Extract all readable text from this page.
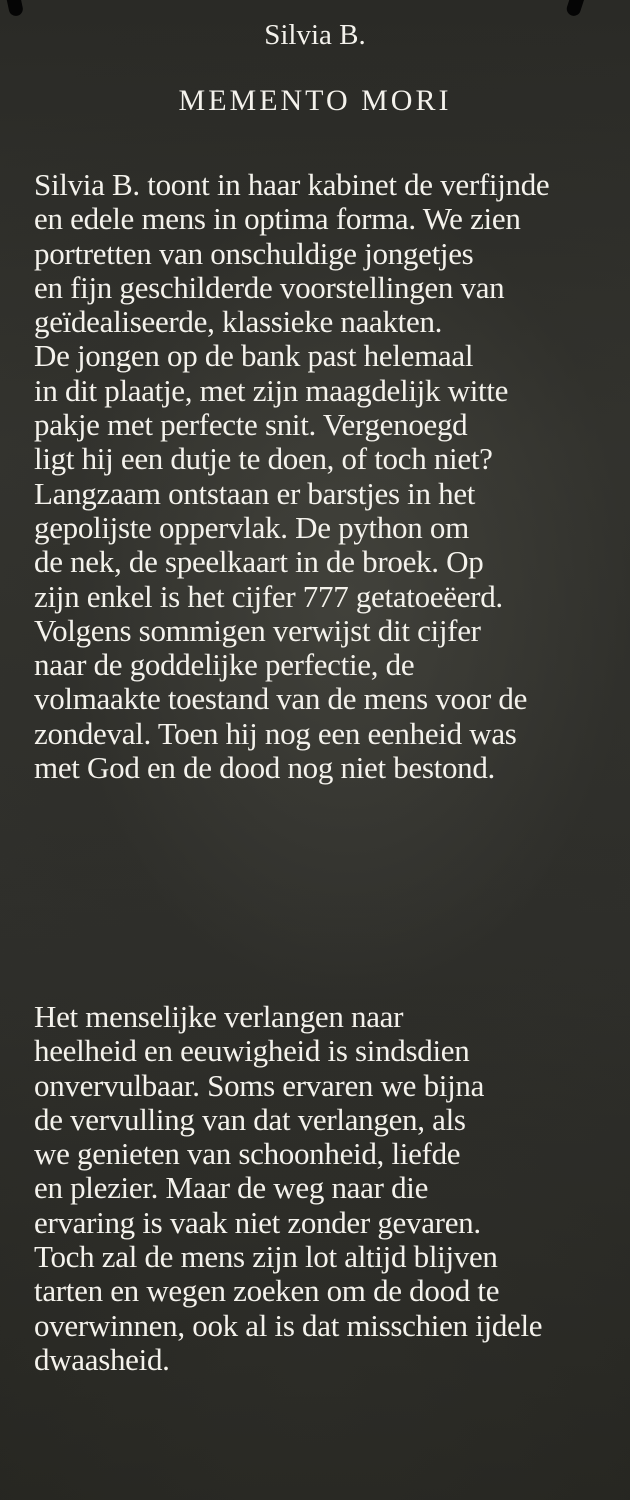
Silvia B.
MEMENTO MORI
Silvia B. toont in haar kabinet de verfijnde
en edele mens in optima forma. We zien
portretten van onschuldige jongetjes
en fijn geschilderde voorstellingen van
geïdealiseerde, klassieke naakten.
De jongen op de bank past helemaal
in dit plaatje, met zijn maagdelijk witte
pakje met perfecte snit. Vergenoegd
ligt hij een dutje te doen, of toch niet?
Langzaam ontstaan er barstjes in het
gepolijste oppervlak. De python om
de nek, de speelkaart in de broek. Op
zijn enkel is het cijfer 777 getatoeëerd.
Volgens sommigen verwijst dit cijfer
naar de goddelijke perfectie, de
volmaakte toestand van de mens voor de
zondeval. Toen hij nog een eenheid was
met God en de dood nog niet bestond.
Het menselijke verlangen naar
heelheid en eeuwigheid is sindsdien
onvervulbaar. Soms ervaren we bijna
de vervulling van dat verlangen, als
we genieten van schoonheid, liefde
en plezier. Maar de weg naar die
ervaring is vaak niet zonder gevaren.
Toch zal de mens zijn lot altijd blijven
tarten en wegen zoeken om de dood te
overwinnen, ook al is dat misschien ijdele
dwaasheid.
